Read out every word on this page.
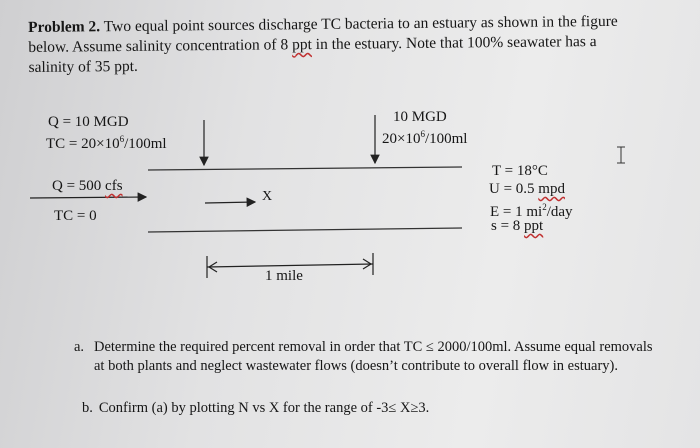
Problem 2. Two equal point sources discharge TC bacteria to an estuary as shown in the figure
below. Assume salinity concentration of 8 ppt in the estuary. Note that 100% seawater has a
salinity of 35 ppt.
Q = 10 MGD
TC = $20\times 10^6/100ml$
10 MGD
$20\times 10^6/100ml$
Q = 500 cfs
TC = 0
X
1 mile
T = 18°C
U = 0.5 mpd
E = 1 $mi^2$/day
s = 8 ppt
a. Determine the required percent removal in order that TC ≤ 2000/100ml. Assume equal removals at both plants and neglect wastewater flows (doesn’t contribute to overall flow in estuary).
b. Confirm (a) by plotting N vs X for the range of -3≤ X≥3.
